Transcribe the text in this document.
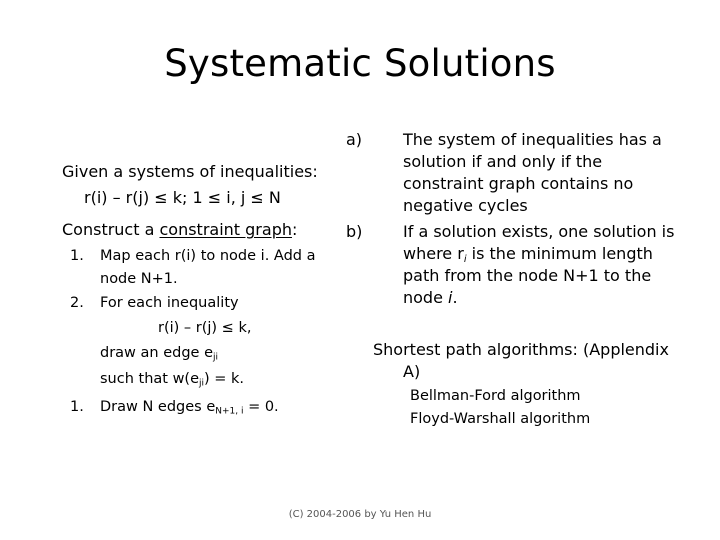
Systematic Solutions
Given a systems of inequalities:
r(i) – r(j) ≤ k; 1 ≤ i, j ≤ N
Construct a constraint graph:
1. Map each r(i) to node i. Add a
node N+1.
2. For each inequality
r(i) – r(j) ≤ k,
draw an edge $e_{ji}$
such that $w(e_{ji}) = k$.
1. Draw N edges $e_{N+1, i} = 0$.
a)	The system of inequalities has a
solution if and only if the
constraint graph contains no
negative cycles
b)	If a solution exists, one solution is
where $r_i$ is the minimum length
path from the node N+1 to the
node i.
Shortest path algorithms: (Applendix
A)
Bellman-Ford algorithm
Floyd-Warshall algorithm
(C) 2004-2006 by Yu Hen Hu
